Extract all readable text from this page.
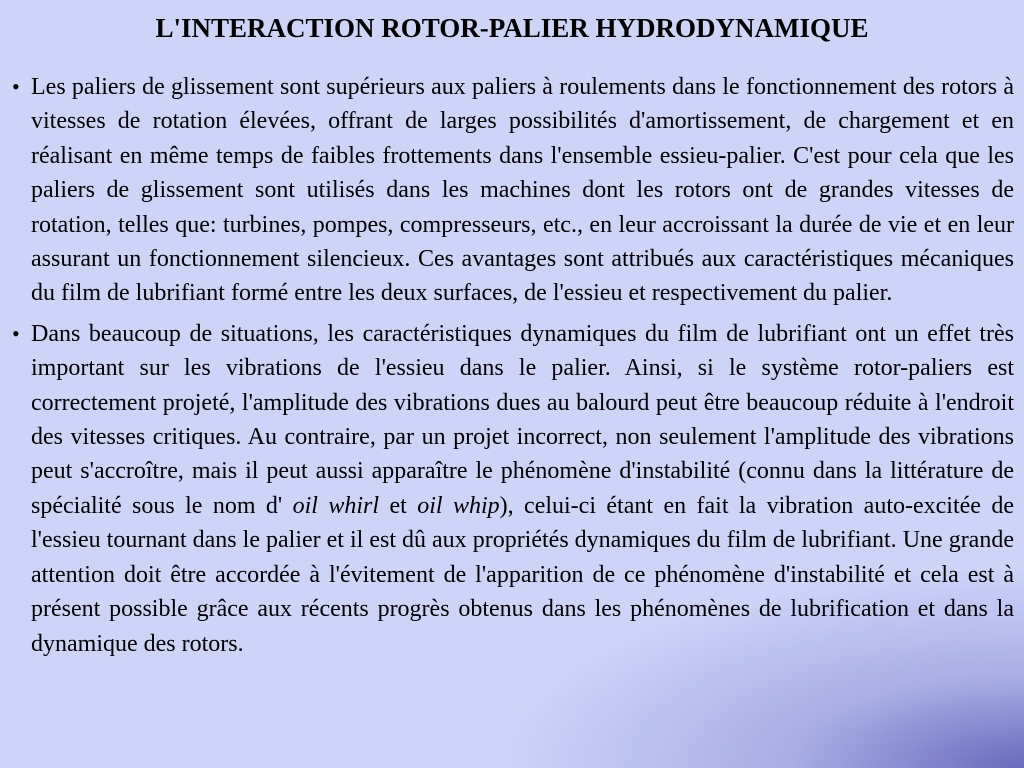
L'INTERACTION ROTOR-PALIER HYDRODYNAMIQUE
• Les paliers de glissement sont supérieurs aux paliers à roulements dans le fonctionnement des rotors à vitesses de rotation élevées, offrant de larges possibilités d'amortissement, de chargement et en réalisant en même temps de faibles frottements dans l'ensemble essieu-palier. C'est pour cela que les paliers de glissement sont utilisés dans les machines dont les rotors ont de grandes vitesses de rotation, telles que: turbines, pompes, compresseurs, etc., en leur accroissant la durée de vie et en leur assurant un fonctionnement silencieux. Ces avantages sont attribués aux caractéristiques mécaniques du film de lubrifiant formé entre les deux surfaces, de l'essieu et respectivement du palier.
• Dans beaucoup de situations, les caractéristiques dynamiques du film de lubrifiant ont un effet très important sur les vibrations de l'essieu dans le palier. Ainsi, si le système rotor-paliers est correctement projeté, l'amplitude des vibrations dues au balourd peut être beaucoup réduite à l'endroit des vitesses critiques. Au contraire, par un projet incorrect, non seulement l'amplitude des vibrations peut s'accroître, mais il peut aussi apparaître le phénomène d'instabilité (connu dans la littérature de spécialité sous le nom d' oil whirl et oil whip), celui-ci étant en fait la vibration auto-excitée de l'essieu tournant dans le palier et il est dû aux propriétés dynamiques du film de lubrifiant. Une grande attention doit être accordée à l'évitement de l'apparition de ce phénomène d'instabilité et cela est à présent possible grâce aux récents progrès obtenus dans les phénomènes de lubrification et dans la dynamique des rotors.
